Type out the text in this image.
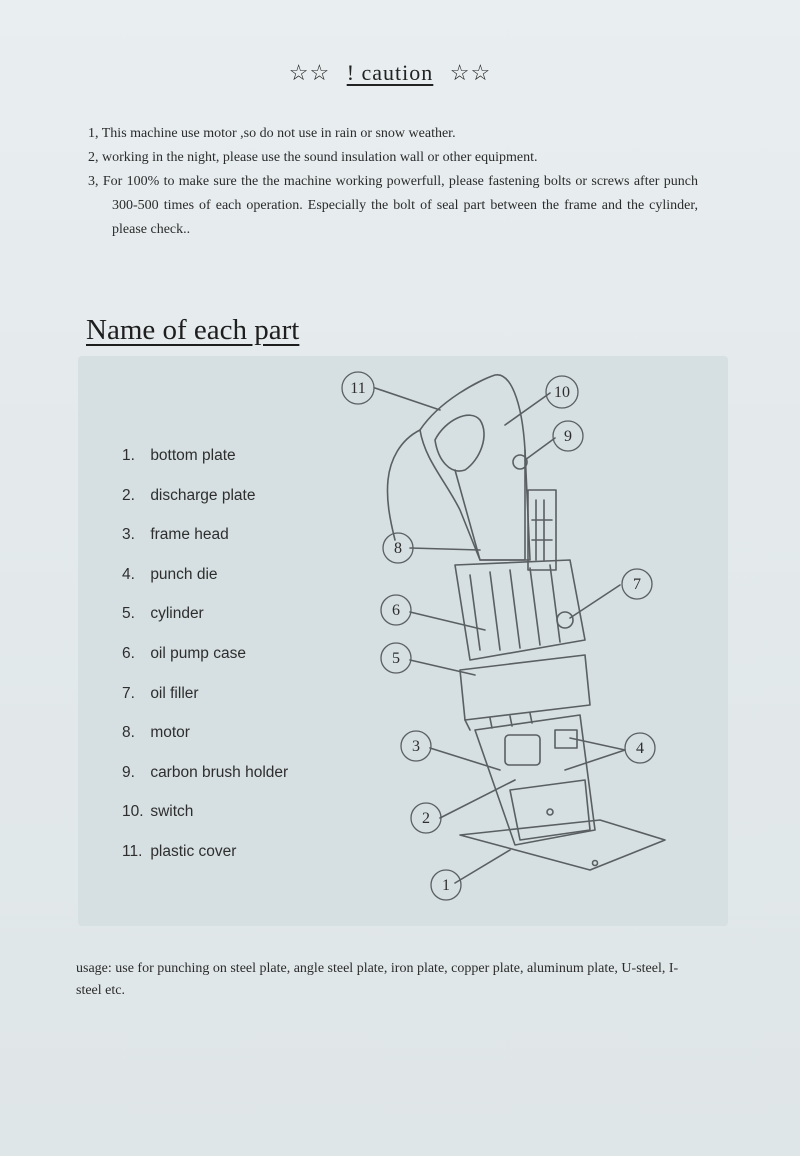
☆☆ ! caution ☆☆
1, This machine use motor ,so do not use in rain or snow weather.
2, working in the night, please use the sound insulation wall or other equipment.
3, For 100% to make sure the the machine working powerfull, please fastening bolts or screws after punch 300-500 times of each operation. Especially the bolt of seal part between the frame and the cylinder, please check..
Name of each part
1. bottom plate
2. discharge plate
3. frame head
4. punch die
5. cylinder
6. oil pump case
7. oil filler
8. motor
9. carbon brush holder
10. switch
11. plastic cover
11	10
9
8
7
6
5
4
3
2
1
usage: use for punching on steel plate, angle steel plate, iron plate, copper plate, aluminum plate, U-steel, I-steel etc.
